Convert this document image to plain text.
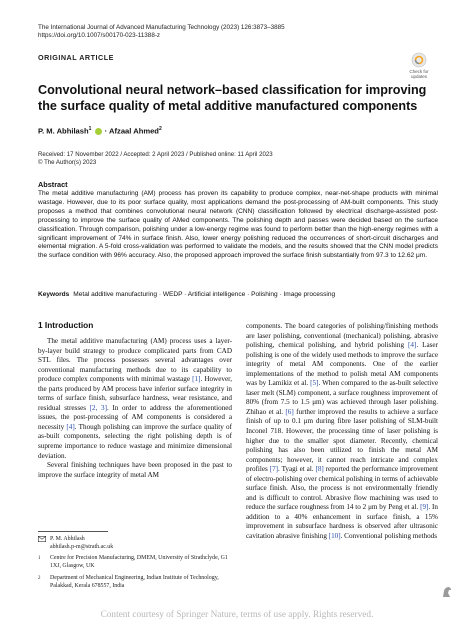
The International Journal of Advanced Manufacturing Technology (2023) 126:3873–3885
https://doi.org/10.1007/s00170-023-11388-z
ORIGINAL ARTICLE
Check for
updates
Convolutional neural network–based classification for improving the surface quality of metal additive manufactured components
P. M. Abhilash$^1$  · Afzaal Ahmed$^2$
Received: 17 November 2022 / Accepted: 2 April 2023 / Published online: 11 April 2023
© The Author(s) 2023
Abstract
The metal additive manufacturing (AM) process has proven its capability to produce complex, near-net-shape products with minimal wastage. However, due to its poor surface quality, most applications demand the post-processing of AM-built components. This study proposes a method that combines convolutional neural network (CNN) classification followed by electrical discharge-assisted post-processing to improve the surface quality of AMed components. The polishing depth and passes were decided based on the surface classification. Through comparison, polishing under a low-energy regime was found to perform better than the high-energy regimes with a significant improvement of 74% in surface finish. Also, lower energy polishing reduced the occurrences of short-circuit discharges and elemental migration. A 5-fold cross-validation was performed to validate the models, and the results showed that the CNN model predicts the surface condition with 96% accuracy. Also, the proposed approach improved the surface finish substantially from 97.3 to 12.62 μm.
Keywords Metal additive manufacturing · WEDP · Artificial intelligence · Polishing · Image processing
1 Introduction

The metal additive manufacturing (AM) process uses a layer-by-layer build strategy to produce complicated parts from CAD STL files. The process possesses several advantages over conventional manufacturing methods due to its capability to produce complex components with minimal wastage [1]. However, the parts produced by AM process have inferior surface integrity in terms of surface finish, subsurface hardness, wear resistance, and residual stresses [2, 3]. In order to address the aforementioned issues, the post-processing of AM components is considered a necessity [4]. Though polishing can improve the surface quality of as-built components, selecting the right polishing depth is of supreme importance to reduce wastage and minimize dimensional deviation.

Several finishing techniques have been proposed in the past to improve the surface integrity of metal AM

components. The board categories of polishing/finishing methods are laser polishing, conventional (mechanical) polishing, abrasive polishing, chemical polishing, and hybrid polishing [4]. Laser polishing is one of the widely used methods to improve the surface integrity of metal AM components. One of the earlier implementations of the method to polish metal AM components was by Lamikiz et al. [5]. When compared to the as-built selective laser melt (SLM) component, a surface roughness improvement of 80% (from 7.5 to 1.5 μm) was achieved through laser polishing. Zhihao et al. [6] further improved the results to achieve a surface finish of up to 0.1 μm during fibre laser polishing of SLM-built Inconel 718. However, the processing time of laser polishing is higher due to the smaller spot diameter. Recently, chemical polishing has also been utilized to finish the metal AM components; however, it cannot reach intricate and complex profiles [7]. Tyagi et al. [8] reported the performance improvement of electro-polishing over chemical polishing in terms of achievable surface finish. Also, the process is not environmentally friendly and is difficult to control. Abrasive flow machining was used to reduce the surface roughness from 14 to 2 μm by Peng et al. [9]. In addition to a 40% enhancement in surface finish, a 15% improvement in subsurface hardness is observed after ultrasonic cavitation abrasive finishing [10]. Conventional polishing methods

P. M. Abhilash
abhilash.p-m@strath.ac.uk
1	Centre for Precision Manufacturing, DMEM, University of Strathclyde, G1 1XJ, Glasgow, UK
2	Department of Mechanical Engineering, Indian Institute of Technology, Palakkad, Kerala 678557, India
Content courtesy of Springer Nature, terms of use apply. Rights reserved.
